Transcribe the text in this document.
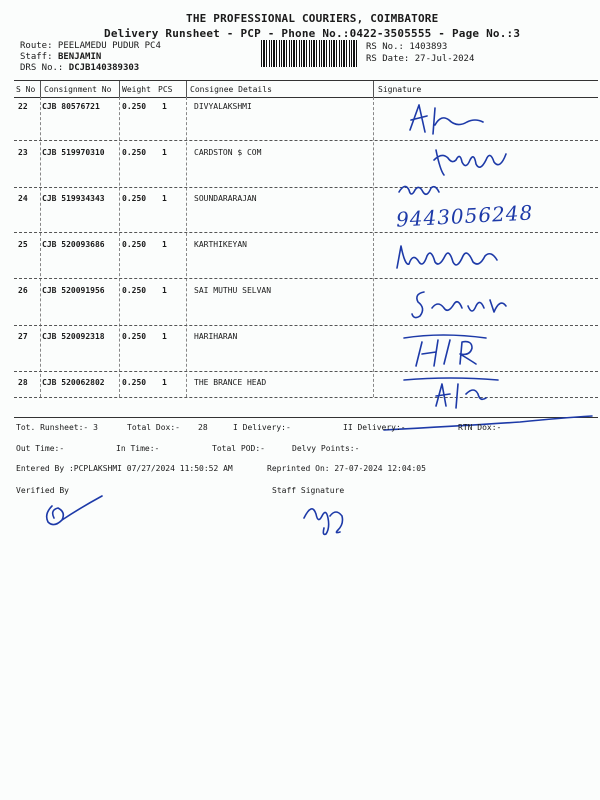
THE PROFESSIONAL COURIERS, COIMBATORE
Delivery Runsheet - PCP - Phone No.:0422-3505555 - Page No.:3
Route: PEELAMEDU PUDUR PC4
Staff: BENJAMIN
DRS No.: DCJB140389303
RS No.: 1403893
RS Date: 27-Jul-2024
S No Consignment No Weight PCS Consignee Details	Signature
22 CJB 80576721	0.250 1	DIVYALAKSHMI
23 CJB 519970310 0.250 1	CARDSTON $ COM
24 CJB 519934343 0.250 1	SOUNDARARAJAN
25 CJB 520093686 0.250 1	KARTHIKEYAN
26 CJB 520091956 0.250 1	SAI MUTHU SELVAN
27 CJB 520092318 0.250 1	HARIHARAN
28 CJB 520062802 0.250 1	THE BRANCE HEAD
9443056248
Tot. Runsheet:- 3	Total Dox:- 28	I Delivery:-	II Delivery:-	RTN Dox:-
Out Time:-	In Time:-	Total POD:-	Delvy Points:-
Entered By :PCPLAKSHMI 07/27/2024 11:50:52 AM	Reprinted On: 27-07-2024 12:04:05
Verified By	Staff Signature
